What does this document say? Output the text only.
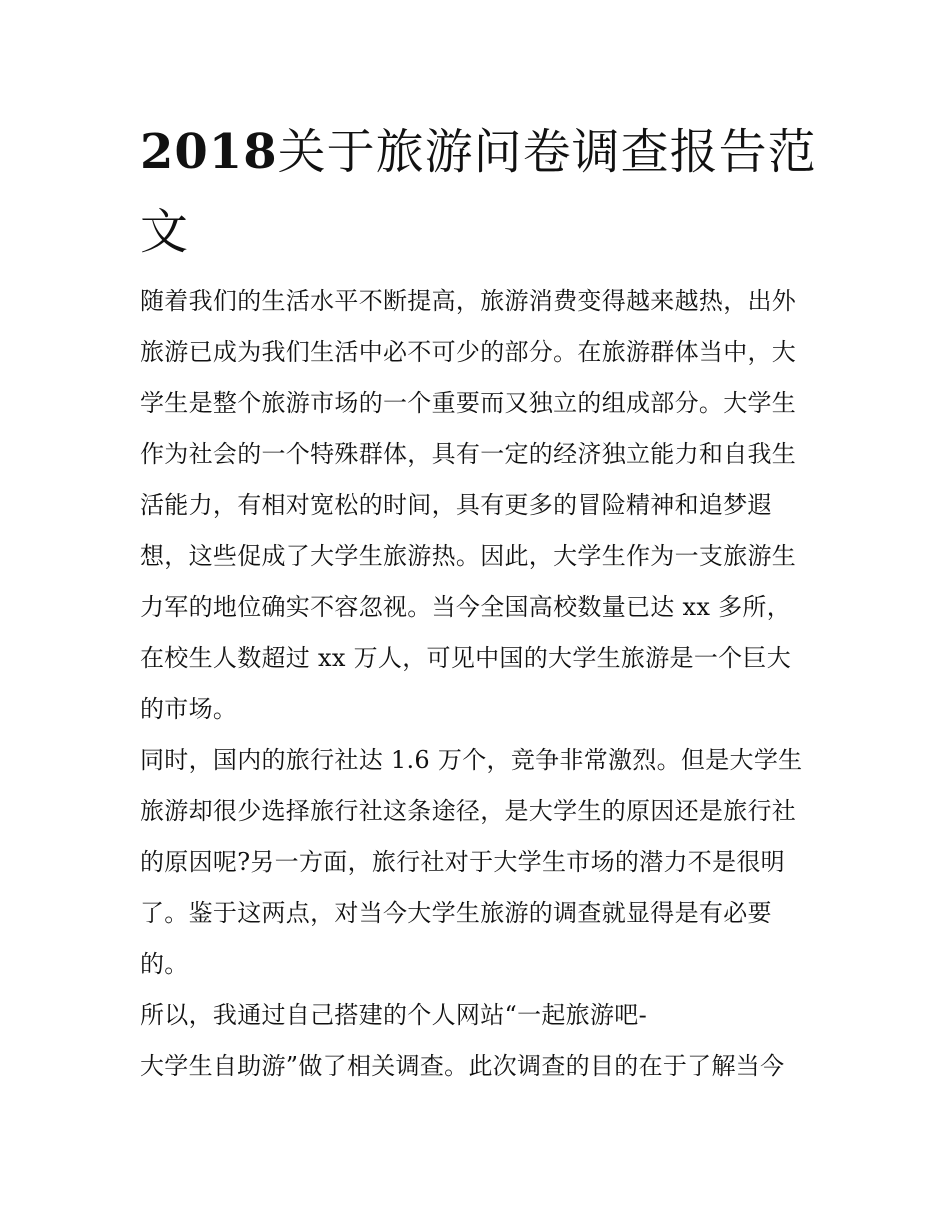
2018关于旅游问卷调查报告范
文
随着我们的生活水平不断提高，旅游消费变得越来越热，出外
旅游已成为我们生活中必不可少的部分。在旅游群体当中，大
学生是整个旅游市场的一个重要而又独立的组成部分。大学生
作为社会的一个特殊群体，具有一定的经济独立能力和自我生
活能力，有相对宽松的时间，具有更多的冒险精神和追梦遐
想，这些促成了大学生旅游热。因此，大学生作为一支旅游生
力军的地位确实不容忽视。当今全国高校数量已达 xx 多所，
在校生人数超过 xx 万人，可见中国的大学生旅游是一个巨大
的市场。
同时，国内的旅行社达 1.6 万个，竞争非常激烈。但是大学生
旅游却很少选择旅行社这条途径，是大学生的原因还是旅行社
的原因呢?另一方面，旅行社对于大学生市场的潜力不是很明
了。鉴于这两点，对当今大学生旅游的调查就显得是有必要
的。
所以，我通过自己搭建的个人网站“一起旅游吧-
大学生自助游”做了相关调查。此次调查的目的在于了解当今
